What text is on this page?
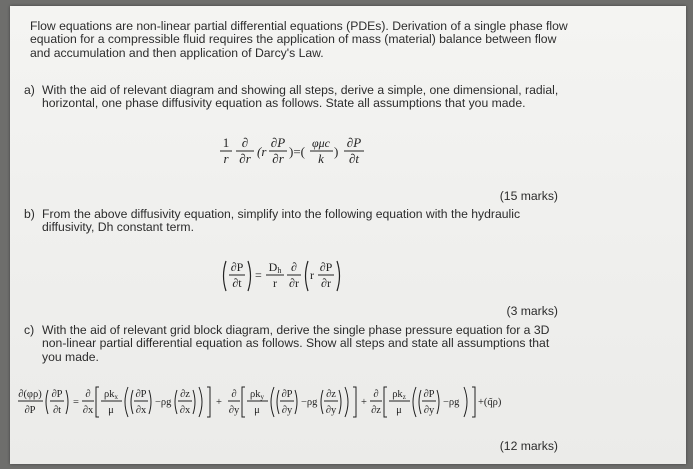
Flow equations are non-linear partial differential equations (PDEs). Derivation of a single phase flow equation for a compressible fluid requires the application of mass (material) balance between flow and accumulation and then application of Darcy's Law.

a) With the aid of relevant diagram and showing all steps, derive a simple, one dimensional, radial, horizontal, one phase diffusivity equation as follows. State all assumptions that you made.
1
r
∂
∂r (r
∂P
∂r )=(
φμc
k )
∂P
∂t
(15 marks)
b) From the above diffusivity equation, simplify into the following equation with the hydraulic diffusivity, Dh constant term.
∂P
∂t
=
Dh
r
∂
∂r
r
∂P
∂r
(3 marks)
c) With the aid of relevant grid block diagram, derive the single phase pressure equation for a 3D non-linear partial differential equation as follows. Show all steps and state all assumptions that you made.
∂(φρ)
∂P
∂P
∂t
=
∂
∂x
ρkx
μ
∂P
∂x
−ρg
∂z
∂x
+
∂
∂y
ρky
μ
∂P
∂y
−ρg
∂z
∂y
+
∂
∂z
ρkz
μ
∂P
∂y
−ρg +(q̃ρ)
(12 marks)
